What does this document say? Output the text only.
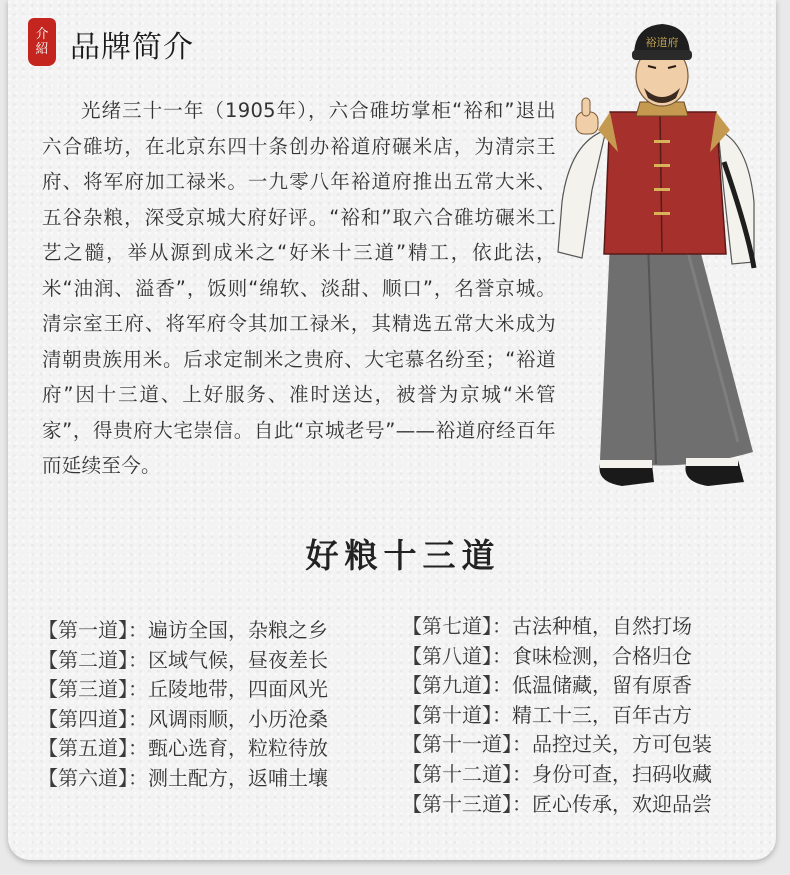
介
紹 品牌简介

光绪三十一年（1905年），六合碓坊掌柜“裕和”退出六合碓坊，在北京东四十条创办裕道府碾米店，为清宗王府、将军府加工禄米。一九零八年裕道府推出五常大米、五谷杂粮，深受京城大府好评。“裕和”取六合碓坊碾米工艺之髓，举从源到成米之“好米十三道”精工，依此法，米“油润、溢香”，饭则“绵软、淡甜、顺口”，名誉京城。清宗室王府、将军府令其加工禄米，其精选五常大米成为清朝贵族用米。后求定制米之贵府、大宅慕名纷至；“裕道府”因十三道、上好服务、准时送达，被誉为京城“米管家”，得贵府大宅崇信。自此“京城老号”——裕道府经百年而延续至今。

裕道府
好粮十三道
【第一道】：遍访全国，杂粮之乡
【第二道】：区域气候，昼夜差长
【第三道】：丘陵地带，四面风光
【第四道】：风调雨顺，小历沧桑
【第五道】：甄心选育，粒粒待放
【第六道】：测土配方，返哺土壤
【第七道】：古法种植，自然打场
【第八道】：食味检测，合格归仓
【第九道】：低温储藏，留有原香
【第十道】：精工十三，百年古方
【第十一道】：品控过关，方可包装
【第十二道】：身份可查，扫码收藏
【第十三道】：匠心传承，欢迎品尝
